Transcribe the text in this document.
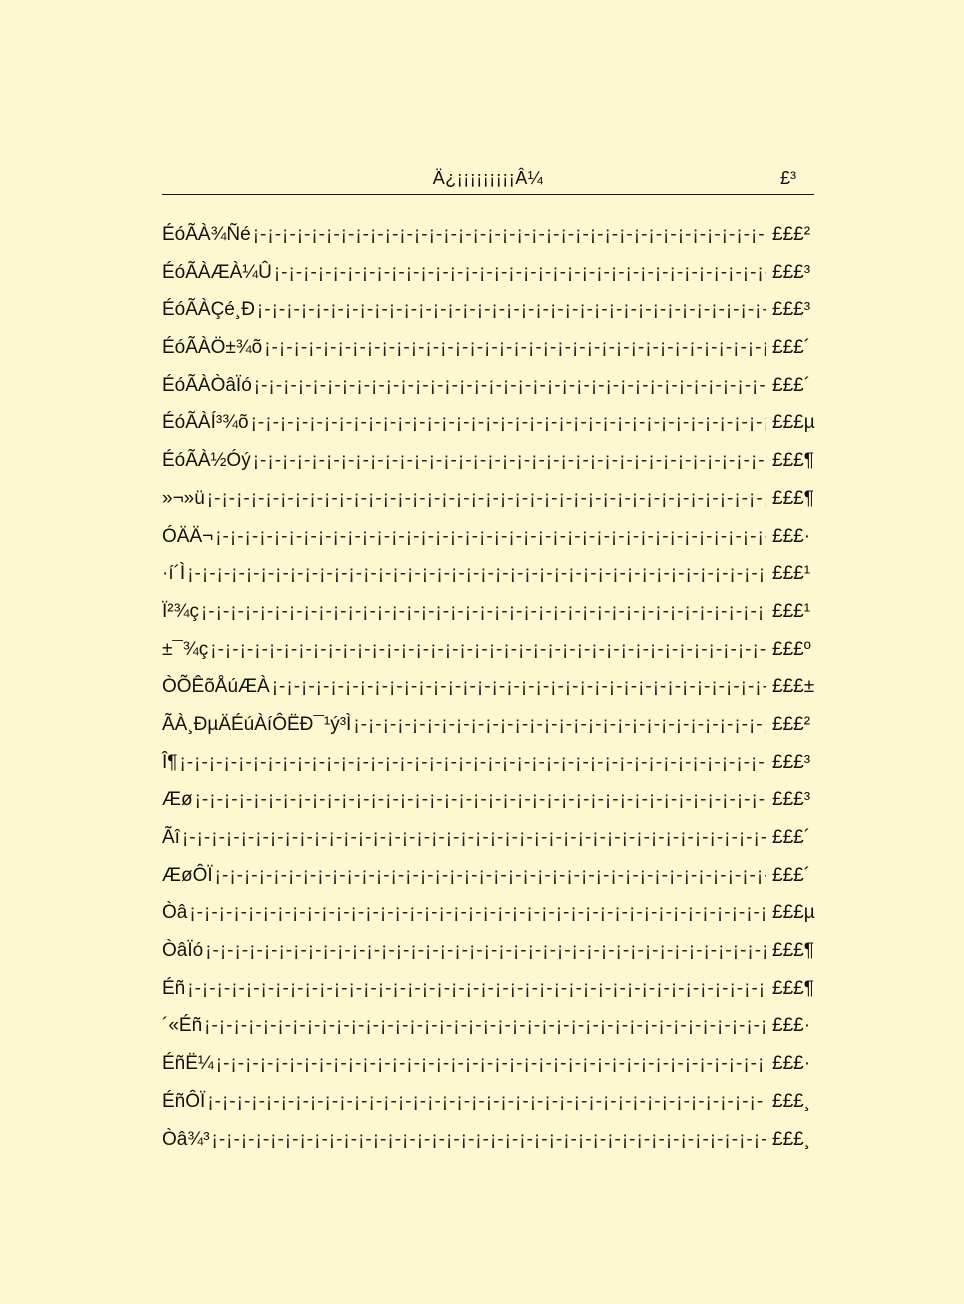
Ä¿¡¡¡¡¡¡¡¡¡Â¼	£³
ÉóÃÀ¾Ñé ¡-¡-¡-¡-¡-¡-¡-¡-¡-¡-¡-¡-¡-¡-¡-¡-¡-¡-¡-¡-¡-¡-¡-¡-¡-¡-¡-¡-¡-¡-¡-¡-¡-¡-¡-¡-¡-¡-¡-¡-¡-¡-¡-¡-¡-¡-¡-¡-¡-¡-	£££²
ÉóÃÀÆÀ¼Û ¡-¡-¡-¡-¡-¡-¡-¡-¡-¡-¡-¡-¡-¡-¡-¡-¡-¡-¡-¡-¡-¡-¡-¡-¡-¡-¡-¡-¡-¡-¡-¡-¡-¡-¡-¡-¡-¡-¡-¡-¡-¡-¡-¡-¡-¡-¡-¡-¡-¡-	£££³
ÉóÃÀÇé¸Ð ¡-¡-¡-¡-¡-¡-¡-¡-¡-¡-¡-¡-¡-¡-¡-¡-¡-¡-¡-¡-¡-¡-¡-¡-¡-¡-¡-¡-¡-¡-¡-¡-¡-¡-¡-¡-¡-¡-¡-¡-¡-¡-¡-¡-¡-¡-¡-¡-¡-¡-	£££³
ÉóÃÀÖ±¾õ ¡-¡-¡-¡-¡-¡-¡-¡-¡-¡-¡-¡-¡-¡-¡-¡-¡-¡-¡-¡-¡-¡-¡-¡-¡-¡-¡-¡-¡-¡-¡-¡-¡-¡-¡-¡-¡-¡-¡-¡-¡-¡-¡-¡-¡-¡-¡-¡-¡-¡-	£££´
ÉóÃÀÒâÏó ¡-¡-¡-¡-¡-¡-¡-¡-¡-¡-¡-¡-¡-¡-¡-¡-¡-¡-¡-¡-¡-¡-¡-¡-¡-¡-¡-¡-¡-¡-¡-¡-¡-¡-¡-¡-¡-¡-¡-¡-¡-¡-¡-¡-¡-¡-¡-¡-¡-¡-	£££´
ÉóÃÀÍ³¾õ ¡-¡-¡-¡-¡-¡-¡-¡-¡-¡-¡-¡-¡-¡-¡-¡-¡-¡-¡-¡-¡-¡-¡-¡-¡-¡-¡-¡-¡-¡-¡-¡-¡-¡-¡-¡-¡-¡-¡-¡-¡-¡-¡-¡-¡-¡-¡-¡-¡-¡-	£££µ
ÉóÃÀ½Óý ¡-¡-¡-¡-¡-¡-¡-¡-¡-¡-¡-¡-¡-¡-¡-¡-¡-¡-¡-¡-¡-¡-¡-¡-¡-¡-¡-¡-¡-¡-¡-¡-¡-¡-¡-¡-¡-¡-¡-¡-¡-¡-¡-¡-¡-¡-¡-¡-¡-¡-	£££¶
»¬»ü ¡-¡-¡-¡-¡-¡-¡-¡-¡-¡-¡-¡-¡-¡-¡-¡-¡-¡-¡-¡-¡-¡-¡-¡-¡-¡-¡-¡-¡-¡-¡-¡-¡-¡-¡-¡-¡-¡-¡-¡-¡-¡-¡-¡-¡-¡-¡-¡-¡-¡-	£££¶
ÓÄÄ¬ ¡-¡-¡-¡-¡-¡-¡-¡-¡-¡-¡-¡-¡-¡-¡-¡-¡-¡-¡-¡-¡-¡-¡-¡-¡-¡-¡-¡-¡-¡-¡-¡-¡-¡-¡-¡-¡-¡-¡-¡-¡-¡-¡-¡-¡-¡-¡-¡-¡-¡-	£££·
·í´Ì ¡-¡-¡-¡-¡-¡-¡-¡-¡-¡-¡-¡-¡-¡-¡-¡-¡-¡-¡-¡-¡-¡-¡-¡-¡-¡-¡-¡-¡-¡-¡-¡-¡-¡-¡-¡-¡-¡-¡-¡-¡-¡-¡-¡-¡-¡-¡-¡-¡-¡-	£££¹
Ï²¾ç ¡-¡-¡-¡-¡-¡-¡-¡-¡-¡-¡-¡-¡-¡-¡-¡-¡-¡-¡-¡-¡-¡-¡-¡-¡-¡-¡-¡-¡-¡-¡-¡-¡-¡-¡-¡-¡-¡-¡-¡-¡-¡-¡-¡-¡-¡-¡-¡-¡-¡-	£££¹
±¯¾ç ¡-¡-¡-¡-¡-¡-¡-¡-¡-¡-¡-¡-¡-¡-¡-¡-¡-¡-¡-¡-¡-¡-¡-¡-¡-¡-¡-¡-¡-¡-¡-¡-¡-¡-¡-¡-¡-¡-¡-¡-¡-¡-¡-¡-¡-¡-¡-¡-¡-¡-	£££º
ÒÕÊõÅúÆÀ ¡-¡-¡-¡-¡-¡-¡-¡-¡-¡-¡-¡-¡-¡-¡-¡-¡-¡-¡-¡-¡-¡-¡-¡-¡-¡-¡-¡-¡-¡-¡-¡-¡-¡-¡-¡-¡-¡-¡-¡-¡-¡-¡-¡-¡-¡-¡-¡-¡-¡-	£££±
ÃÀ¸ÐµÄÉúÀíÔËÐ¯¹ý³Ì ¡-¡-¡-¡-¡-¡-¡-¡-¡-¡-¡-¡-¡-¡-¡-¡-¡-¡-¡-¡-¡-¡-¡-¡-¡-¡-¡-¡-¡-¡-¡-¡-¡-¡-¡-¡-¡-¡-¡-¡-¡-¡-¡-¡-¡-¡-¡-¡-¡-¡-	£££²
Î¶ ¡-¡-¡-¡-¡-¡-¡-¡-¡-¡-¡-¡-¡-¡-¡-¡-¡-¡-¡-¡-¡-¡-¡-¡-¡-¡-¡-¡-¡-¡-¡-¡-¡-¡-¡-¡-¡-¡-¡-¡-¡-¡-¡-¡-¡-¡-¡-¡-¡-¡-	£££³
Æø ¡-¡-¡-¡-¡-¡-¡-¡-¡-¡-¡-¡-¡-¡-¡-¡-¡-¡-¡-¡-¡-¡-¡-¡-¡-¡-¡-¡-¡-¡-¡-¡-¡-¡-¡-¡-¡-¡-¡-¡-¡-¡-¡-¡-¡-¡-¡-¡-¡-¡-	£££³
Ãî ¡-¡-¡-¡-¡-¡-¡-¡-¡-¡-¡-¡-¡-¡-¡-¡-¡-¡-¡-¡-¡-¡-¡-¡-¡-¡-¡-¡-¡-¡-¡-¡-¡-¡-¡-¡-¡-¡-¡-¡-¡-¡-¡-¡-¡-¡-¡-¡-¡-¡-	£££´
ÆøÔÏ ¡-¡-¡-¡-¡-¡-¡-¡-¡-¡-¡-¡-¡-¡-¡-¡-¡-¡-¡-¡-¡-¡-¡-¡-¡-¡-¡-¡-¡-¡-¡-¡-¡-¡-¡-¡-¡-¡-¡-¡-¡-¡-¡-¡-¡-¡-¡-¡-¡-¡-	£££´
Òâ ¡-¡-¡-¡-¡-¡-¡-¡-¡-¡-¡-¡-¡-¡-¡-¡-¡-¡-¡-¡-¡-¡-¡-¡-¡-¡-¡-¡-¡-¡-¡-¡-¡-¡-¡-¡-¡-¡-¡-¡-¡-¡-¡-¡-¡-¡-¡-¡-¡-¡-	£££µ
ÒâÏó ¡-¡-¡-¡-¡-¡-¡-¡-¡-¡-¡-¡-¡-¡-¡-¡-¡-¡-¡-¡-¡-¡-¡-¡-¡-¡-¡-¡-¡-¡-¡-¡-¡-¡-¡-¡-¡-¡-¡-¡-¡-¡-¡-¡-¡-¡-¡-¡-¡-¡-	£££¶
Éñ ¡-¡-¡-¡-¡-¡-¡-¡-¡-¡-¡-¡-¡-¡-¡-¡-¡-¡-¡-¡-¡-¡-¡-¡-¡-¡-¡-¡-¡-¡-¡-¡-¡-¡-¡-¡-¡-¡-¡-¡-¡-¡-¡-¡-¡-¡-¡-¡-¡-¡-	£££¶
´«Éñ ¡-¡-¡-¡-¡-¡-¡-¡-¡-¡-¡-¡-¡-¡-¡-¡-¡-¡-¡-¡-¡-¡-¡-¡-¡-¡-¡-¡-¡-¡-¡-¡-¡-¡-¡-¡-¡-¡-¡-¡-¡-¡-¡-¡-¡-¡-¡-¡-¡-¡-	£££·
ÉñË¼ ¡-¡-¡-¡-¡-¡-¡-¡-¡-¡-¡-¡-¡-¡-¡-¡-¡-¡-¡-¡-¡-¡-¡-¡-¡-¡-¡-¡-¡-¡-¡-¡-¡-¡-¡-¡-¡-¡-¡-¡-¡-¡-¡-¡-¡-¡-¡-¡-¡-¡-	£££·
ÉñÔÏ ¡-¡-¡-¡-¡-¡-¡-¡-¡-¡-¡-¡-¡-¡-¡-¡-¡-¡-¡-¡-¡-¡-¡-¡-¡-¡-¡-¡-¡-¡-¡-¡-¡-¡-¡-¡-¡-¡-¡-¡-¡-¡-¡-¡-¡-¡-¡-¡-¡-¡-	£££¸
Òâ¾³ ¡-¡-¡-¡-¡-¡-¡-¡-¡-¡-¡-¡-¡-¡-¡-¡-¡-¡-¡-¡-¡-¡-¡-¡-¡-¡-¡-¡-¡-¡-¡-¡-¡-¡-¡-¡-¡-¡-¡-¡-¡-¡-¡-¡-¡-¡-¡-¡-¡-¡-	£££¸
